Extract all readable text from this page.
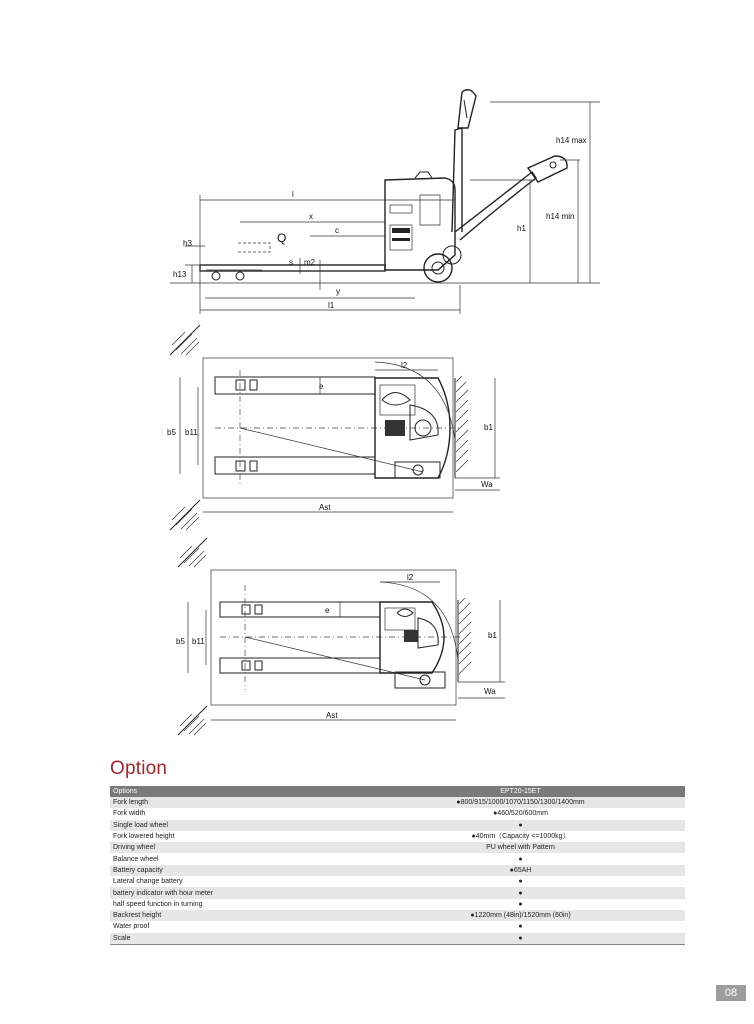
h14 max
h14 min
h1
l
x
c
Q
h3
s m2
h13
y
l1
l2
e
b5 b11
b1
Wa
Ast
l2
e
b5 b11
b1
Wa
Ast
Option
Options	EPT20-15ET
Fork length	●800/915/1000/1070/1150/1300/1400mm
Fork width	●460/520/600mm
Single load wheel	●
Fork lowered height	●40mm（Capacity <=1000kg）
Driving wheel	PU wheel with Pattern
Balance wheel	●
Battery capacity	●65AH
Lateral change battery	●
battery indicator with hour meter	●
half speed function in turning	●
Backrest height	●1220mm (48in)/1520mm (60in)
Water proof	●
Scale	●
08
